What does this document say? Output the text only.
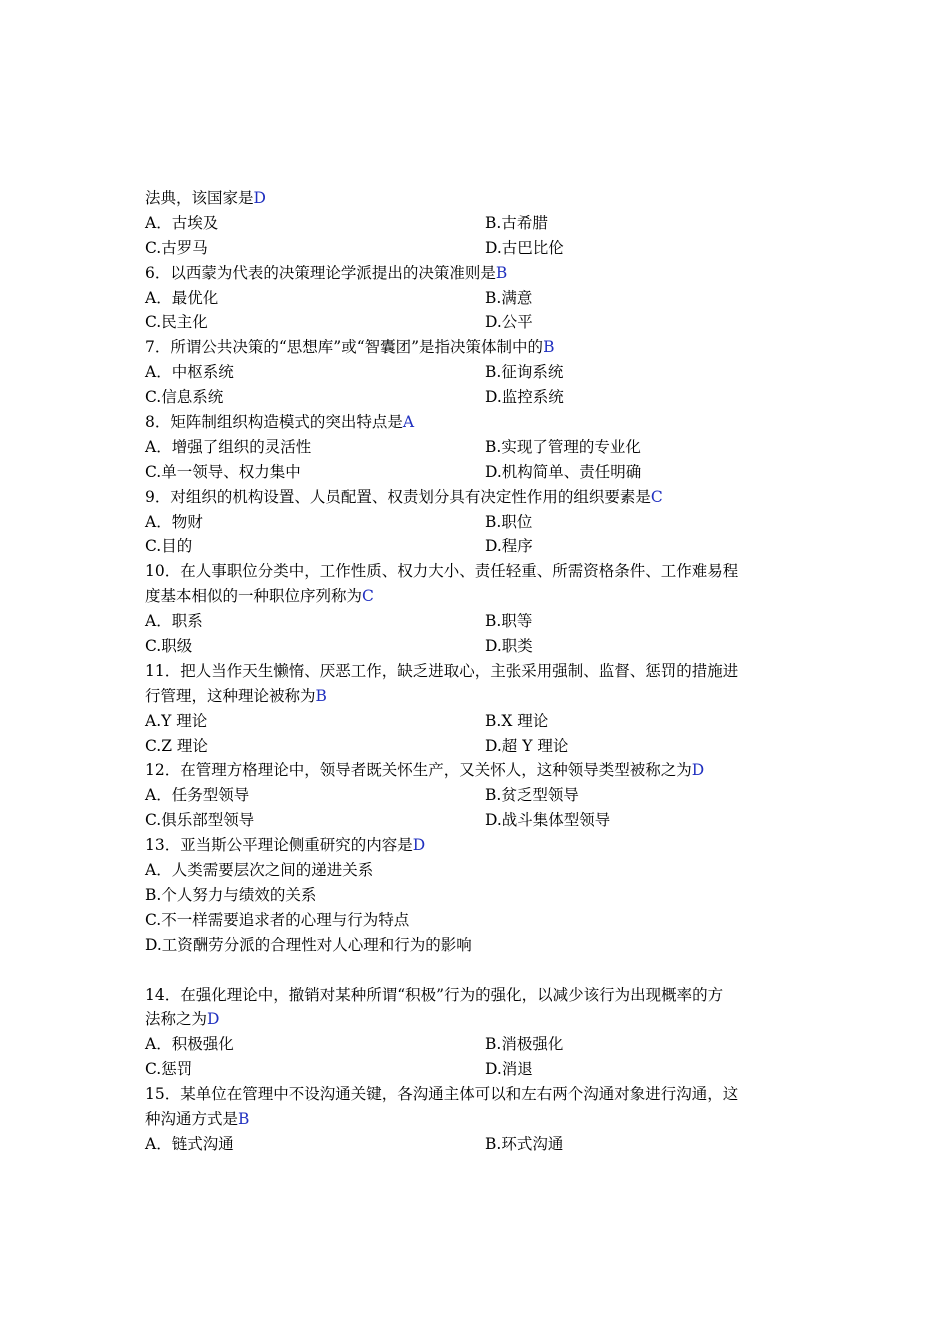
法典，该国家是D
A．古埃及	B.古希腊
C.古罗马	D.古巴比伦
6．以西蒙为代表的决策理论学派提出的决策准则是B
A．最优化	B.满意
C.民主化	D.公平
7．所谓公共决策的“思想库”或“智囊团”是指决策体制中的B
A．中枢系统	B.征询系统
C.信息系统	D.监控系统
8．矩阵制组织构造模式的突出特点是A
A．增强了组织的灵活性	B.实现了管理的专业化
C.单一领导、权力集中	D.机构简单、责任明确
9．对组织的机构设置、人员配置、权责划分具有决定性作用的组织要素是C
A．物财	B.职位
C.目的	D.程序
10．在人事职位分类中，工作性质、权力大小、责任轻重、所需资格条件、工作难易程
度基本相似的一种职位序列称为C
A．职系	B.职等
C.职级	D.职类
11．把人当作天生懒惰、厌恶工作，缺乏进取心，主张采用强制、监督、惩罚的措施进
行管理，这种理论被称为B
A.Y 理论	B.X 理论
C.Z 理论	D.超 Y 理论
12．在管理方格理论中，领导者既关怀生产，又关怀人，这种领导类型被称之为D
A．任务型领导	B.贫乏型领导
C.俱乐部型领导	D.战斗集体型领导
13．亚当斯公平理论侧重研究的内容是D
A．人类需要层次之间的递进关系
B.个人努力与绩效的关系
C.不一样需要追求者的心理与行为特点
D.工资酬劳分派的合理性对人心理和行为的影响
14．在强化理论中，撤销对某种所谓“积极”行为的强化，以减少该行为出现概率的方
法称之为D
A．积极强化	B.消极强化
C.惩罚	D.消退
15．某单位在管理中不设沟通关键，各沟通主体可以和左右两个沟通对象进行沟通，这
种沟通方式是B
A．链式沟通	B.环式沟通
